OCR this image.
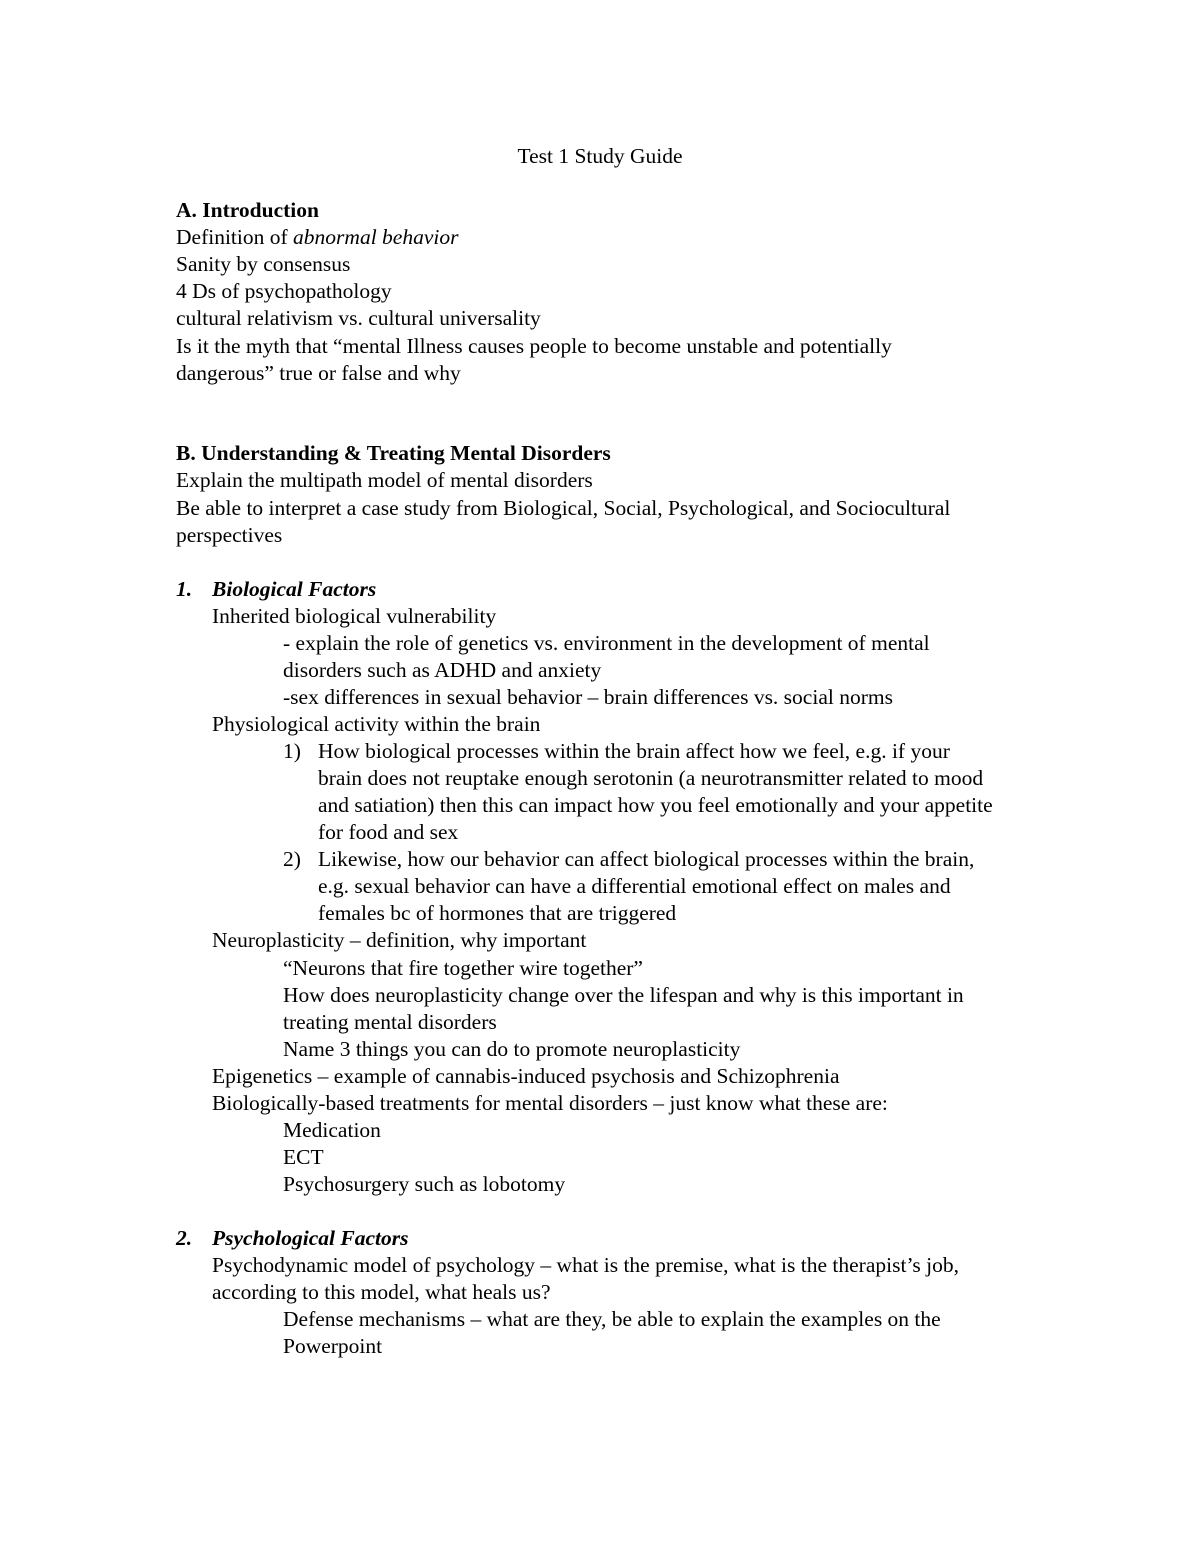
Test 1 Study Guide
A. Introduction
Definition of abnormal behavior
Sanity by consensus
4 Ds of psychopathology
cultural relativism vs. cultural universality
Is it the myth that “mental Illness causes people to become unstable and potentially
dangerous” true or false and why
B. Understanding & Treating Mental Disorders
Explain the multipath model of mental disorders
Be able to interpret a case study from Biological, Social, Psychological, and Sociocultural
perspectives
1. Biological Factors
Inherited biological vulnerability
- explain the role of genetics vs. environment in the development of mental
disorders such as ADHD and anxiety
-sex differences in sexual behavior – brain differences vs. social norms
Physiological activity within the brain
1) How biological processes within the brain affect how we feel, e.g. if your
brain does not reuptake enough serotonin (a neurotransmitter related to mood
and satiation) then this can impact how you feel emotionally and your appetite
for food and sex
2) Likewise, how our behavior can affect biological processes within the brain,
e.g. sexual behavior can have a differential emotional effect on males and
females bc of hormones that are triggered
Neuroplasticity – definition, why important
“Neurons that fire together wire together”
How does neuroplasticity change over the lifespan and why is this important in
treating mental disorders
Name 3 things you can do to promote neuroplasticity
Epigenetics – example of cannabis-induced psychosis and Schizophrenia
Biologically-based treatments for mental disorders – just know what these are:
Medication
ECT
Psychosurgery such as lobotomy
2. Psychological Factors
Psychodynamic model of psychology – what is the premise, what is the therapist’s job,
according to this model, what heals us?
Defense mechanisms – what are they, be able to explain the examples on the
Powerpoint
